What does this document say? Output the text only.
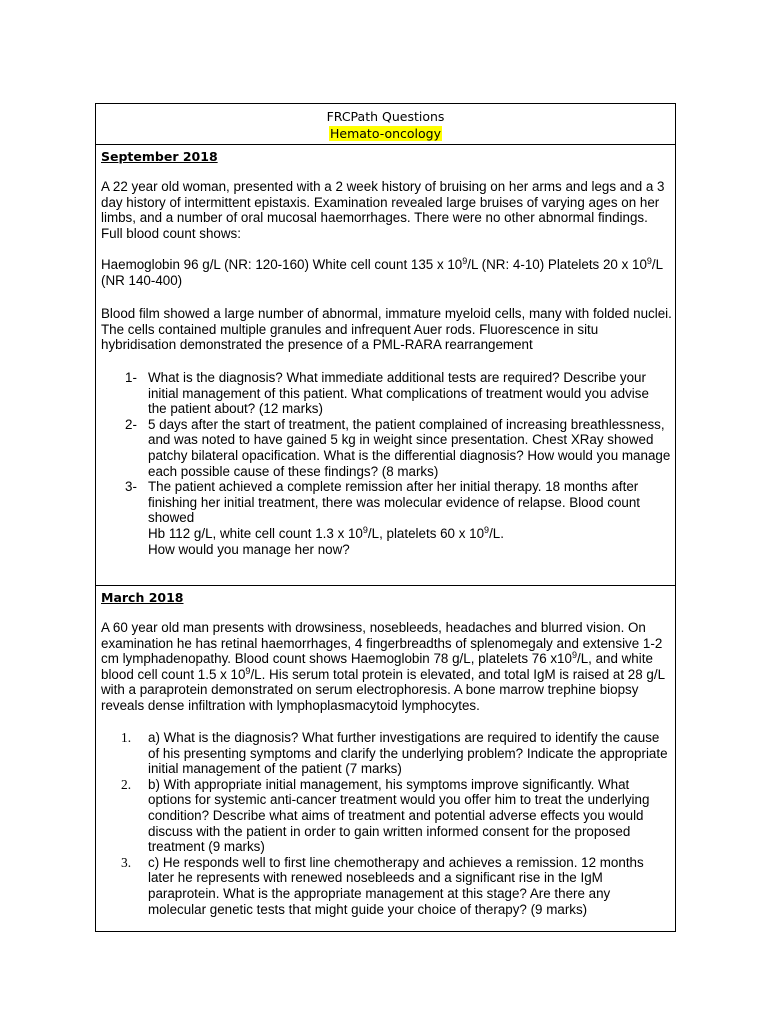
FRCPath Questions
Hemato-oncology
September 2018

A 22 year old woman, presented with a 2 week history of bruising on her arms and legs and a 3 day history of intermittent epistaxis. Examination revealed large bruises of varying ages on her limbs, and a number of oral mucosal haemorrhages. There were no other abnormal findings. Full blood count shows:

Haemoglobin 96 g/L (NR: 120-160) White cell count 135 x $10^9/L$ (NR: 4-10) Platelets 20 x $10^9/L$ (NR 140-400)

Blood film showed a large number of abnormal, immature myeloid cells, many with folded nuclei. The cells contained multiple granules and infrequent Auer rods. Fluorescence in situ hybridisation demonstrated the presence of a PML-RARA rearrangement

1- What is the diagnosis? What immediate additional tests are required? Describe your initial management of this patient. What complications of treatment would you advise the patient about? (12 marks)
2- 5 days after the start of treatment, the patient complained of increasing breathlessness, and was noted to have gained 5 kg in weight since presentation. Chest XRay showed patchy bilateral opacification. What is the differential diagnosis? How would you manage each possible cause of these findings? (8 marks)
3- The patient achieved a complete remission after her initial therapy. 18 months after finishing her initial treatment, there was molecular evidence of relapse. Blood count showed
Hb 112 g/L, white cell count 1.3 x $10^9/L$, platelets 60 x $10^9/L$.
How would you manage her now?
March 2018

A 60 year old man presents with drowsiness, nosebleeds, headaches and blurred vision. On examination he has retinal haemorrhages, 4 fingerbreadths of splenomegaly and extensive 1-2 cm lymphadenopathy. Blood count shows Haemoglobin 78 g/L, platelets 76 $x10^9/L$, and white blood cell count 1.5 x $10^9/L$. His serum total protein is elevated, and total IgM is raised at 28 g/L with a paraprotein demonstrated on serum electrophoresis. A bone marrow trephine biopsy reveals dense infiltration with lymphoplasmacytoid lymphocytes.

1. a) What is the diagnosis? What further investigations are required to identify the cause of his presenting symptoms and clarify the underlying problem? Indicate the appropriate initial management of the patient (7 marks)
2. b) With appropriate initial management, his symptoms improve significantly. What options for systemic anti-cancer treatment would you offer him to treat the underlying condition? Describe what aims of treatment and potential adverse effects you would discuss with the patient in order to gain written informed consent for the proposed treatment (9 marks)
3. c) He responds well to first line chemotherapy and achieves a remission. 12 months later he represents with renewed nosebleeds and a significant rise in the IgM paraprotein. What is the appropriate management at this stage? Are there any molecular genetic tests that might guide your choice of therapy? (9 marks)
